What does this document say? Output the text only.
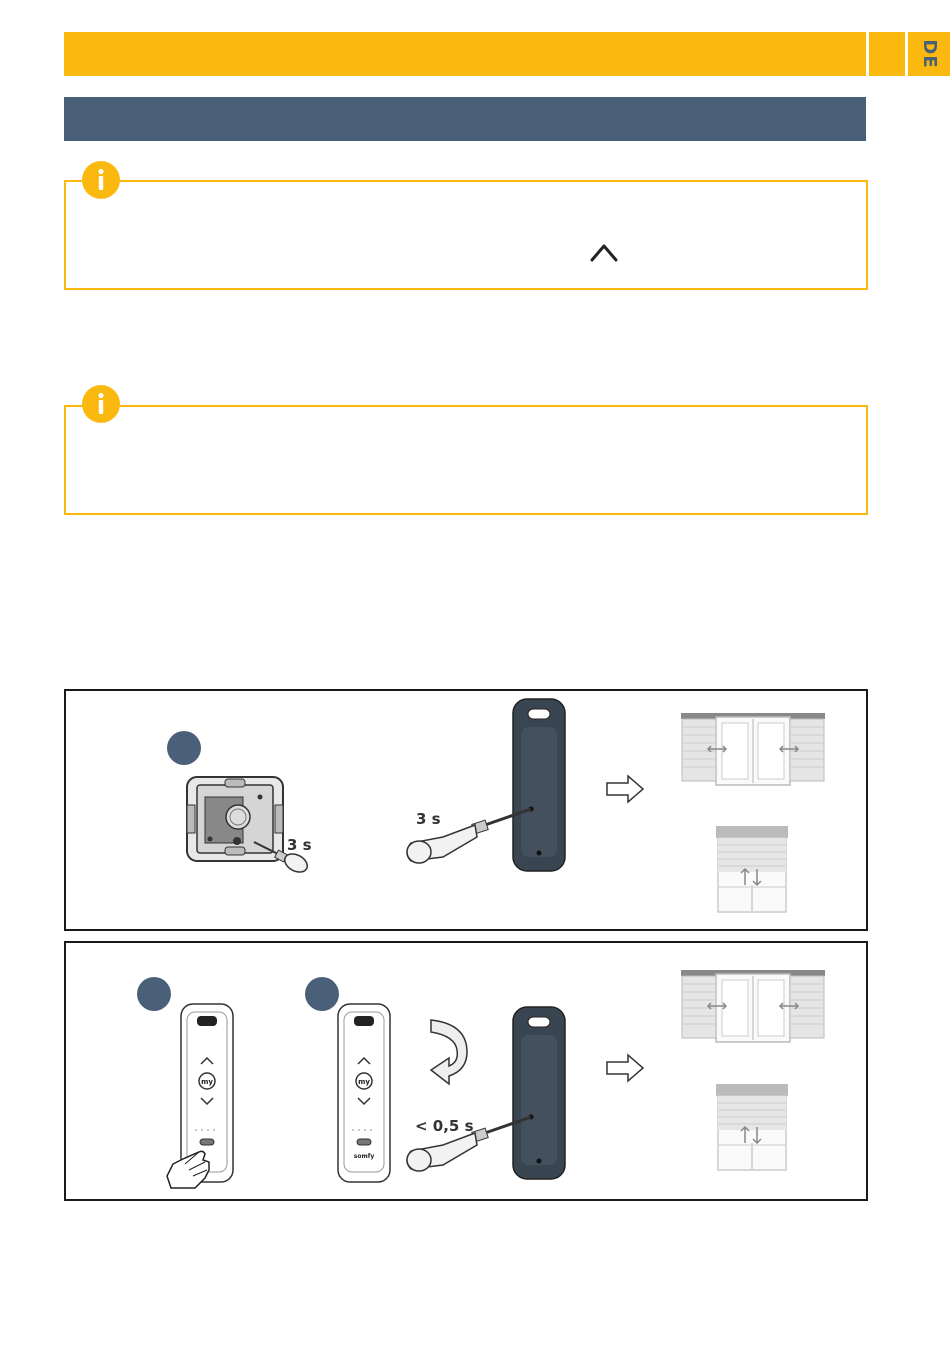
DE
3 s
3 s
my	my
somfy
< 0,5 s
